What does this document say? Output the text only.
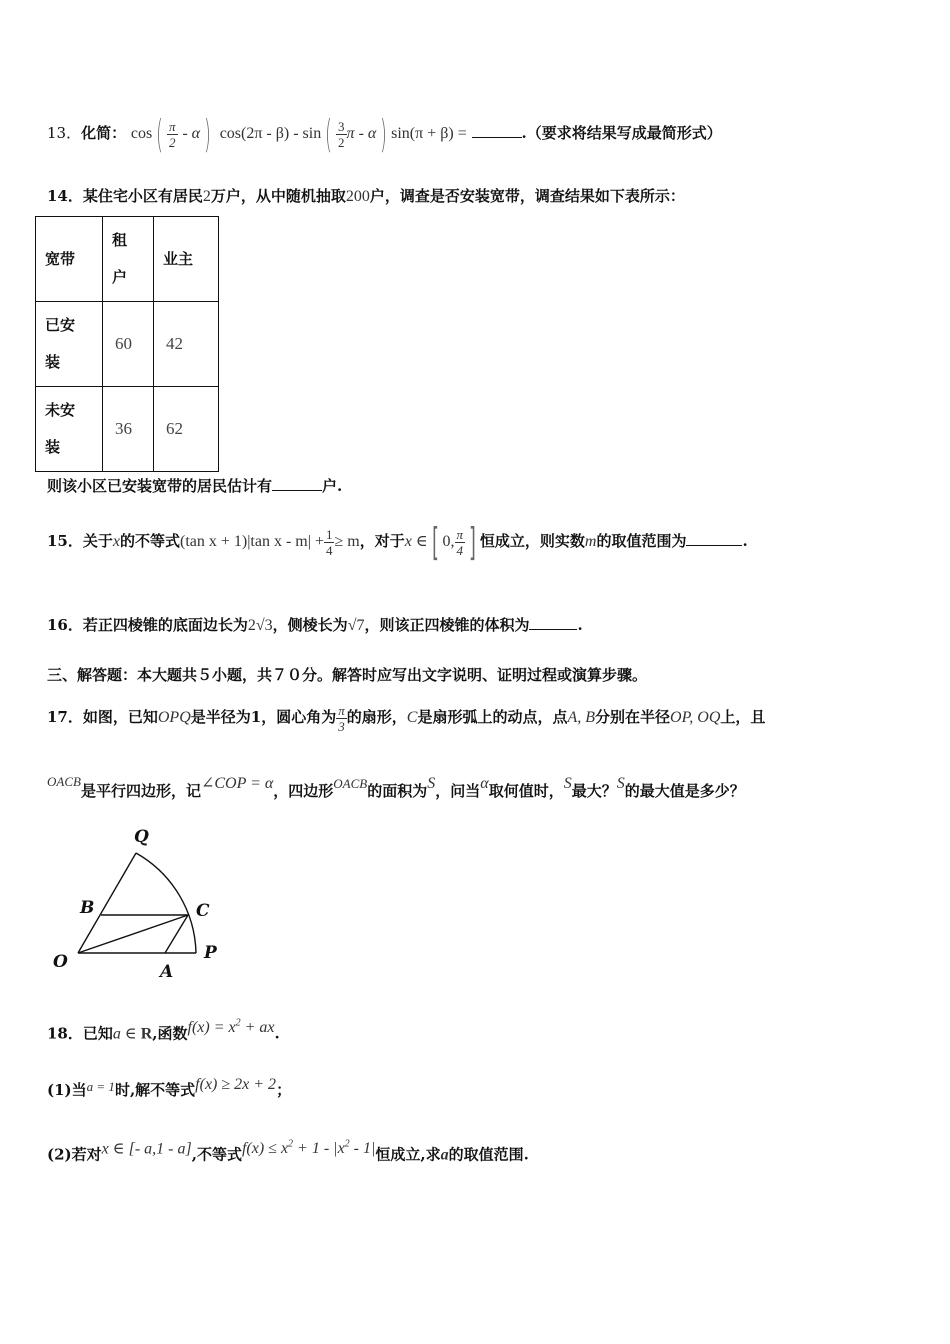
13．化简： cos ( $\frac{\pi}{2}$ - α ) cos(2π - β) - sin ( $\frac{3}{2}$ π - α ) sin(π + β) =	.（要求将结果写成最简形式）
14．某住宅小区有居民2万户，从中随机抽取200户，调查是否安装宽带，调查结果如下表所示：
宽带	租户	业主

已安装	60	42

未安装	36	62
则该小区已安装宽带的居民估计有	户.
15．关于x的不等式(tan x + 1)|tan $x - m| + \frac{1}{4} \ge m$，对于x ∈ [ 0, $\frac{\pi}{4}$ ] 恒成立，则实数m的取值范围为	.
16．若正四棱锥的底面边长为2√3，侧棱长为√7，则该正四棱锥的体积为	.
三、解答题：本大题共５小题，共７０分。解答时应写出文字说明、证明过程或演算步骤。
17．如图，已知OPQ是半径为1，圆心角为 $\frac{\pi}{3}$ 的扇形，C是扇形弧上的动点，点A, B分别在半径OP, OQ上，且
OACB是平行四边形，记∠COP = α，四边形OACB的面积为S，问当α取何值时，S最大？S的最大值是多少？
Q
B	C
O	A
P
18．已知a ∈ R,函数$f(x) = x^2$ + ax.
(1)当a = 1时,解不等式f(x) ≥ 2x + 2；
(2)若对x ∈ [- a,1 - a],不等式$f(x) \le x^2 + 1 - |x^2 - 1|$恒成立,求a的取值范围.
